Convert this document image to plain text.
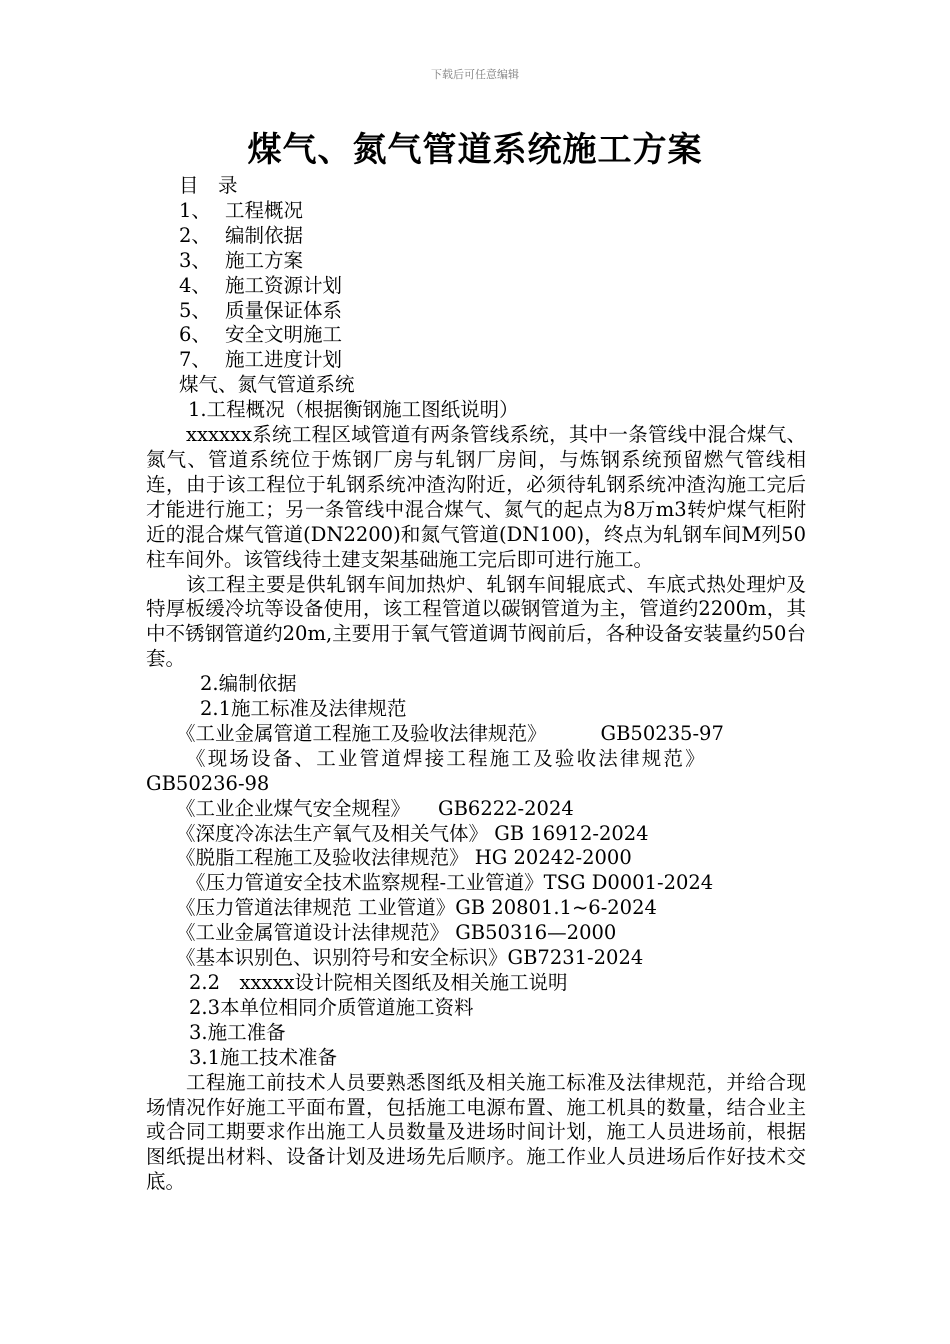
下载后可任意编辑
煤气、氮气管道系统施工方案
目　录
1、 工程概况
2、 编制依据
3、 施工方案
4、 施工资源计划
5、 质量保证体系
6、 安全文明施工
7、 施工进度计划
煤气、氮气管道系统
1.工程概况（根据衡钢施工图纸说明）
xxxxxx系统工程区域管道有两条管线系统，其中一条管线中混合煤气、氮气、管道系统位于炼钢厂房与轧钢厂房间，与炼钢系统预留燃气管线相连，由于该工程位于轧钢系统冲渣沟附近，必须待轧钢系统冲渣沟施工完后才能进行施工；另一条管线中混合煤气、氮气的起点为8万m3转炉煤气柜附近的混合煤气管道(DN2200)和氮气管道(DN100)，终点为轧钢车间M列50柱车间外。该管线待土建支架基础施工完后即可进行施工。
该工程主要是供轧钢车间加热炉、轧钢车间辊底式、车底式热处理炉及特厚板缓冷坑等设备使用，该工程管道以碳钢管道为主，管道约2200m，其中不锈钢管道约20m,主要用于氧气管道调节阀前后，各种设备安装量约50台套。
2.编制依据
2.1施工标准及法律规范
《工业金属管道工程施工及验收法律规范》	GB50235-97
《现场设备、工业管道焊接工程施工及验收法律规范》
GB50236-98
《工业企业煤气安全规程》 GB6222-2024
《深度冷冻法生产氧气及相关气体》 GB 16912-2024
《脱脂工程施工及验收法律规范》 HG 20242-2000
《压力管道安全技术监察规程-工业管道》TSG D0001-2024
《压力管道法律规范 工业管道》GB 20801.1~6-2024
《工业金属管道设计法律规范》 GB50316—2000
《基本识别色、识别符号和安全标识》GB7231-2024
2.2　xxxxx设计院相关图纸及相关施工说明
2.3本单位相同介质管道施工资料
3.施工准备
3.1施工技术准备
工程施工前技术人员要熟悉图纸及相关施工标准及法律规范，并给合现场情况作好施工平面布置，包括施工电源布置、施工机具的数量，结合业主或合同工期要求作出施工人员数量及进场时间计划，施工人员进场前，根据图纸提出材料、设备计划及进场先后顺序。施工作业人员进场后作好技术交底。
